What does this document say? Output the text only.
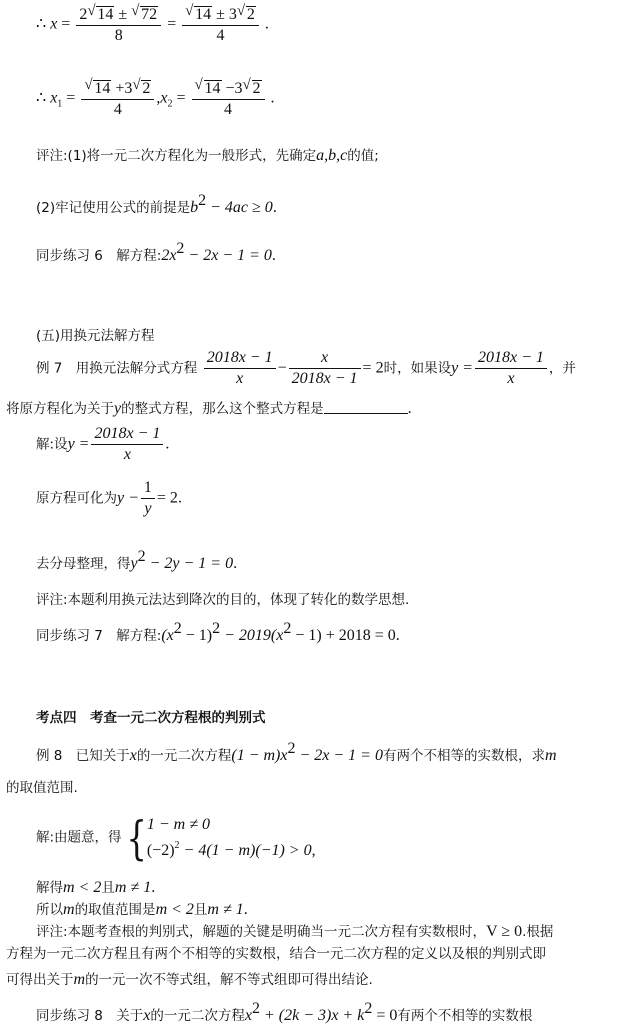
∴ $x = \frac{2 √ 14 \pm √ 72}{8}$ = √ $\frac{14 \pm 3 √ 2}{4}$ .
∴ $x_1$ = √ $\frac{14 +3 √ 2}{4} ,x_2$ = √ $\frac{14 -3 √ 2}{4}$ .
评注:(1)将一元二次方程化为一般形式，先确定a,b,c的值;
(2)牢记使用公式的前提是$b^2 - 4ac \ge 0$.
同步练习 6 解方程$:2x^2 - 2x - 1 = 0$.
(五)用换元法解方程
例 7 用换元法解分式方程 $\frac{2018x - 1}{x} - \frac{x}{2018x - 1} = 2$时，如果设$y = \frac{2018x - 1}{x}$ ，并
将原方程化为关于y的整式方程，那么这个整式方程是	.
解:设$y = \frac{2018x - 1}{x}$ .
原方程可化为$y - \frac{1}{y} = 2$.
去分母整理，得$y^2 - 2y - 1 = 0$.
评注:本题利用换元法达到降次的目的，体现了转化的数学思想.
同步练习 7 解方程$:(x^2 - 1)^2 - 2019(x^2 - 1) + 2018 = 0$.
考点四　考查一元二次方程根的判别式
例 8 已知关于x的一元二次方程$(1 - m)x^2 - 2x - 1 = 0$有两个不相等的实数根，求m
的取值范围.
解:由题意，得{ 1 − m ≠ 0
$(-2)^2 - 4(1 - m)(-1) > 0$,
解得m < 2且m ≠ 1.
所以m的取值范围是m < 2且m ≠ 1.
评注:本题考查根的判别式，解题的关键是明确当一元二次方程有实数根时，V ≥ 0.根据
方程为一元二次方程且有两个不相等的实数根，结合一元二次方程的定义以及根的判别式即
可得出关于m的一元一次不等式组，解不等式组即可得出结论.
同步练习 8 关于x的一元二次方程$x^2 + (2k - 3)x + k^2 = 0$有两个不相等的实数根
